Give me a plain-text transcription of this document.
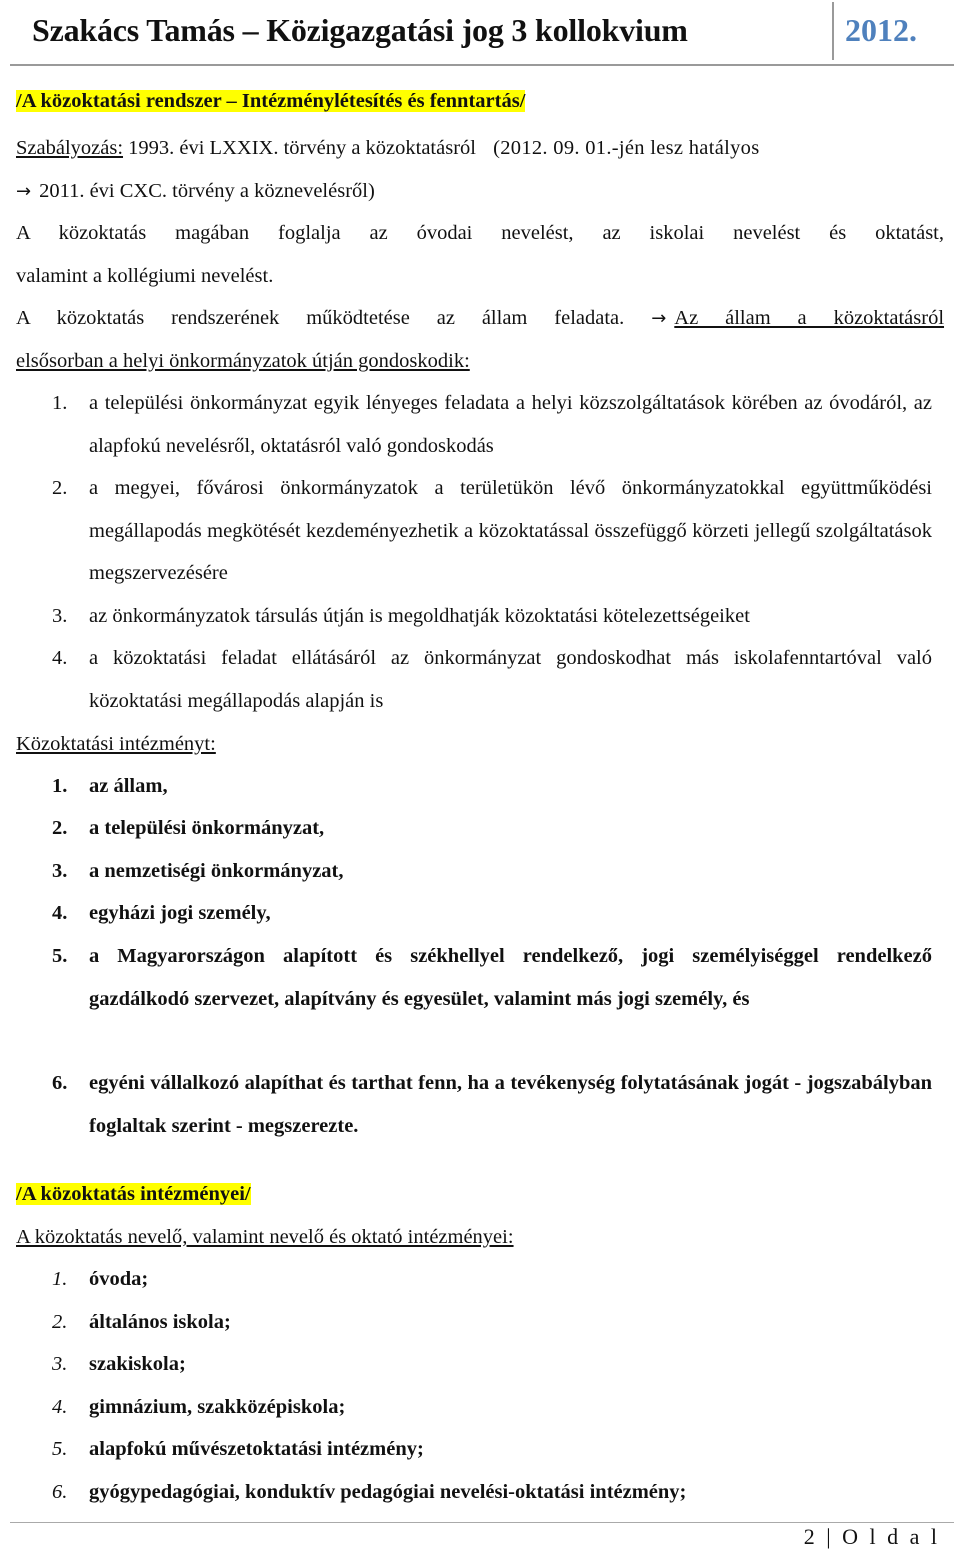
Szakács Tamás – Közigazgatási jog 3 kollokvium	2012.
/A közoktatási rendszer – Intézménylétesítés és fenntartás/
Szabályozás: 1993. évi LXXIX. törvény a közoktatásról (2012. 09. 01.-jén lesz hatályos
→ 2011. évi CXC. törvény a köznevelésről)
A közoktatás magában foglalja az óvodai nevelést, az iskolai nevelést és oktatást,
valamint a kollégiumi nevelést.
A közoktatás rendszerének működtetése az állam feladata. → Az állam a közoktatásról
elsősorban a helyi önkormányzatok útján gondoskodik:
1. a települési önkormányzat egyik lényeges feladata a helyi közszolgáltatások körében az óvodáról, az alapfokú nevelésről, oktatásról való gondoskodás
2. a megyei, fővárosi önkormányzatok a területükön lévő önkormányzatokkal együttműködési megállapodás megkötését kezdeményezhetik a közoktatással összefüggő körzeti jellegű szolgáltatások megszervezésére
3. az önkormányzatok társulás útján is megoldhatják közoktatási kötelezettségeiket
4. a közoktatási feladat ellátásáról az önkormányzat gondoskodhat más iskolafenntartóval való közoktatási megállapodás alapján is
Közoktatási intézményt:
1. az állam,
2. a települési önkormányzat,
3. a nemzetiségi önkormányzat,
4. egyházi jogi személy,
5. a Magyarországon alapított és székhellyel rendelkező, jogi személyiséggel rendelkező gazdálkodó szervezet, alapítvány és egyesület, valamint más jogi személy, és
6. egyéni vállalkozó alapíthat és tarthat fenn, ha a tevékenység folytatásának jogát - jogszabályban foglaltak szerint - megszerezte.
/A közoktatás intézményei/
A közoktatás nevelő, valamint nevelő és oktató intézményei:
1. óvoda;
2. általános iskola;
3. szakiskola;
4. gimnázium, szakközépiskola;
5. alapfokú művészetoktatási intézmény;
6. gyógypedagógiai, konduktív pedagógiai nevelési-oktatási intézmény;
2 | O l d a l
